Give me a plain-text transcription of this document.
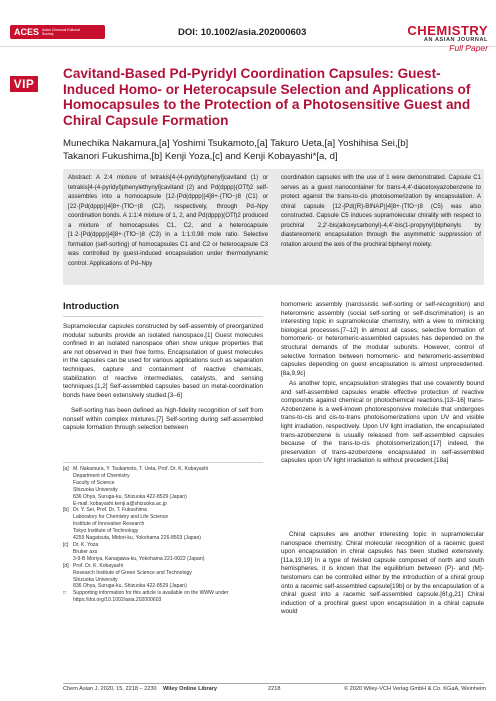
ACES Asian Chemical Editorial Society	DOI: 10.1002/asia.202000603	CHEMISTRY
AN ASIAN JOURNAL
Full Paper
VIP
Cavitand-Based Pd-Pyridyl Coordination Capsules: Guest-Induced Homo- or Heterocapsule Selection and Applications of Homocapsules to the Protection of a Photosensitive Guest and Chiral Capsule Formation
Munechika Nakamura,[a] Yoshimi Tsukamoto,[a] Takuro Ueta,[a] Yoshihisa Sei,[b]
Takanori Fukushima,[b] Kenji Yoza,[c] and Kenji Kobayashi*[a, d]
Abstract: A 2:4 mixture of tetrakis[4-(4-pyridyl)phenyl]cavitand (1) or tetrakis[4-(4-pyridyl)phenylethynyl]cavitand (2) and Pd(dppp)(OTf)2 self-assembles into a homocapsule [12·{Pd(dppp)}4]8+·(TfO−)8 (C1) or [22·{Pd(dppp)}4]8+·(TfO−)8 (C2), respectively, through Pd–Npy coordination bonds. A 1:1:4 mixture of 1, 2, and Pd(dppp)(OTf)2 produced a mixture of homocapsules C1, C2, and a heterocapsule [1·2·{Pd(dppp)}4]8+·(TfO−)8 (C3) in a 1:1:0.98 mole ratio. Selective formation (self-sorting) of homocapsules C1 and C2 or heterocapsule C3 was controlled by guest-induced encapsulation under thermodynamic control. Applications of Pd–Npy
coordination capsules with the use of 1 were demonstrated. Capsule C1 serves as a guest nanocontainer for trans-4,4′-diacetoxyazobenzene to protect against the trans-to-cis photoisomerization by encapsulation. A chiral capsule [12·{Pd((R)-BINAP)}4]8+·(TfO−)8 (C5) was also constructed. Capsule C5 induces supramolecular chirality with respect to prochiral 2,2′-bis(alkoxycarbonyl)-4,4′-bis(1-propynyl)biphenyls by diastereomeric encapsulation through the asymmetric suppression of rotation around the axis of the prochiral biphenyl moiety.
Introduction
Supramolecular capsules constructed by self-assembly of preorganized modular subunits provide an isolated nanospace.[1] Guest molecules confined in an isolated nanospace often show unique properties that are not observed in their free forms. Encapsulation of guest molecules in the capsules can be used for various applications such as separation techniques, capture and containment of reactive chemicals, stabilization of reactive intermediates, catalysts, and sensing techniques.[1,2] Self-assembled capsules based on metal-coordination bonds have been extensively studied.[3–6]
Self-sorting has been defined as high-fidelity recognition of self from nonself within complex mixtures.[7] Self-sorting during self-assembled capsule formation through selection between
[a] M. Nakamura, Y. Tsukamoto, T. Ueta, Prof. Dr. K. Kobayashi
Department of Chemistry
Faculty of Science
Shizuoka University
836 Ohya, Suruga-ku, Shizuoka 422-8529 (Japan)
E-mail: kobayashi.kenji.a@shizuoka.ac.jp
[b] Dr. Y. Sei, Prof. Dr. T. Fukushima
Laboratory for Chemistry and Life Science
Institute of Innovative Research
Tokyo Institute of Technology
4259 Nagatsuta, Midori-ku, Yokohama 226-8503 (Japan)
[c] Dr. K. Yoza
Bruker axs
3-9-B Moriya, Kanagawa-ku, Yokohama 221-0022 (Japan)
[d] Prof. Dr. K. Kobayashi
Research Institute of Green Science and Technology
Shizuoka University
836 Ohya, Suruga-ku, Shizuoka 422-8529 (Japan)
□ Supporting information for this article is available on the WWW under
https://doi.org/10.1002/asia.202000603
homomeric assembly (narcissistic self-sorting or self-recognition) and heteromeric assembly (social self-sorting or self-discrimination) is an interesting topic in supramolecular chemistry, with a view to mimicking biological processes.[7–12] In almost all cases, selective formation of homomeric- or heteromeric-assembled capsules has depended on the structural demands of the modular subunits. However, control of selective formation between homomeric- and heteromeric-assembled capsules depending on guest encapsulation is almost unprecedented.[8a,9,9c]
As another topic, encapsulation strategies that use covalently bound and self-assembled capsules enable effective protection of reactive compounds against chemical or photochemical reactions.[13–16] trans-Azobenzene is a well-known photoresponsive molecule that undergoes trans-to-cis and cis-to-trans photoisomerizations upon UV and visible light irradiation, respectively. Upon UV light irradiation, the encapsulated trans-azobenzene is usually released from self-assembled capsules because of the trans-to-cis photoisomerization;[17] indeed, the preservation of trans-azobenzene encapsulated in self-assembled capsules upon UV light irradiation is without precedent.[18a]
Chiral capsules are another interesting topic in supramolecular nanospace chemistry. Chiral molecular recognition of a racemic guest upon encapsulation in chiral capsules has been studied extensively.[11a,19,19] In a type of twisted capsule composed of north and south hemispheres, it is known that the equilibrium between (P)- and (M)-twistomers can be controlled either by the introduction of a chiral group onto a racemic self-assembled capsule[19b] or by the encapsulation of a chiral guest into a racemic self-assembled capsule.[6f,g,21] Chiral induction of a prochiral guest upon encapsulation in a chiral capsule would
Chem Asian J. 2020, 15, 2218 – 2230 Wiley Online Library	2218	© 2020 Wiley-VCH Verlag GmbH & Co. KGaA, Weinheim
